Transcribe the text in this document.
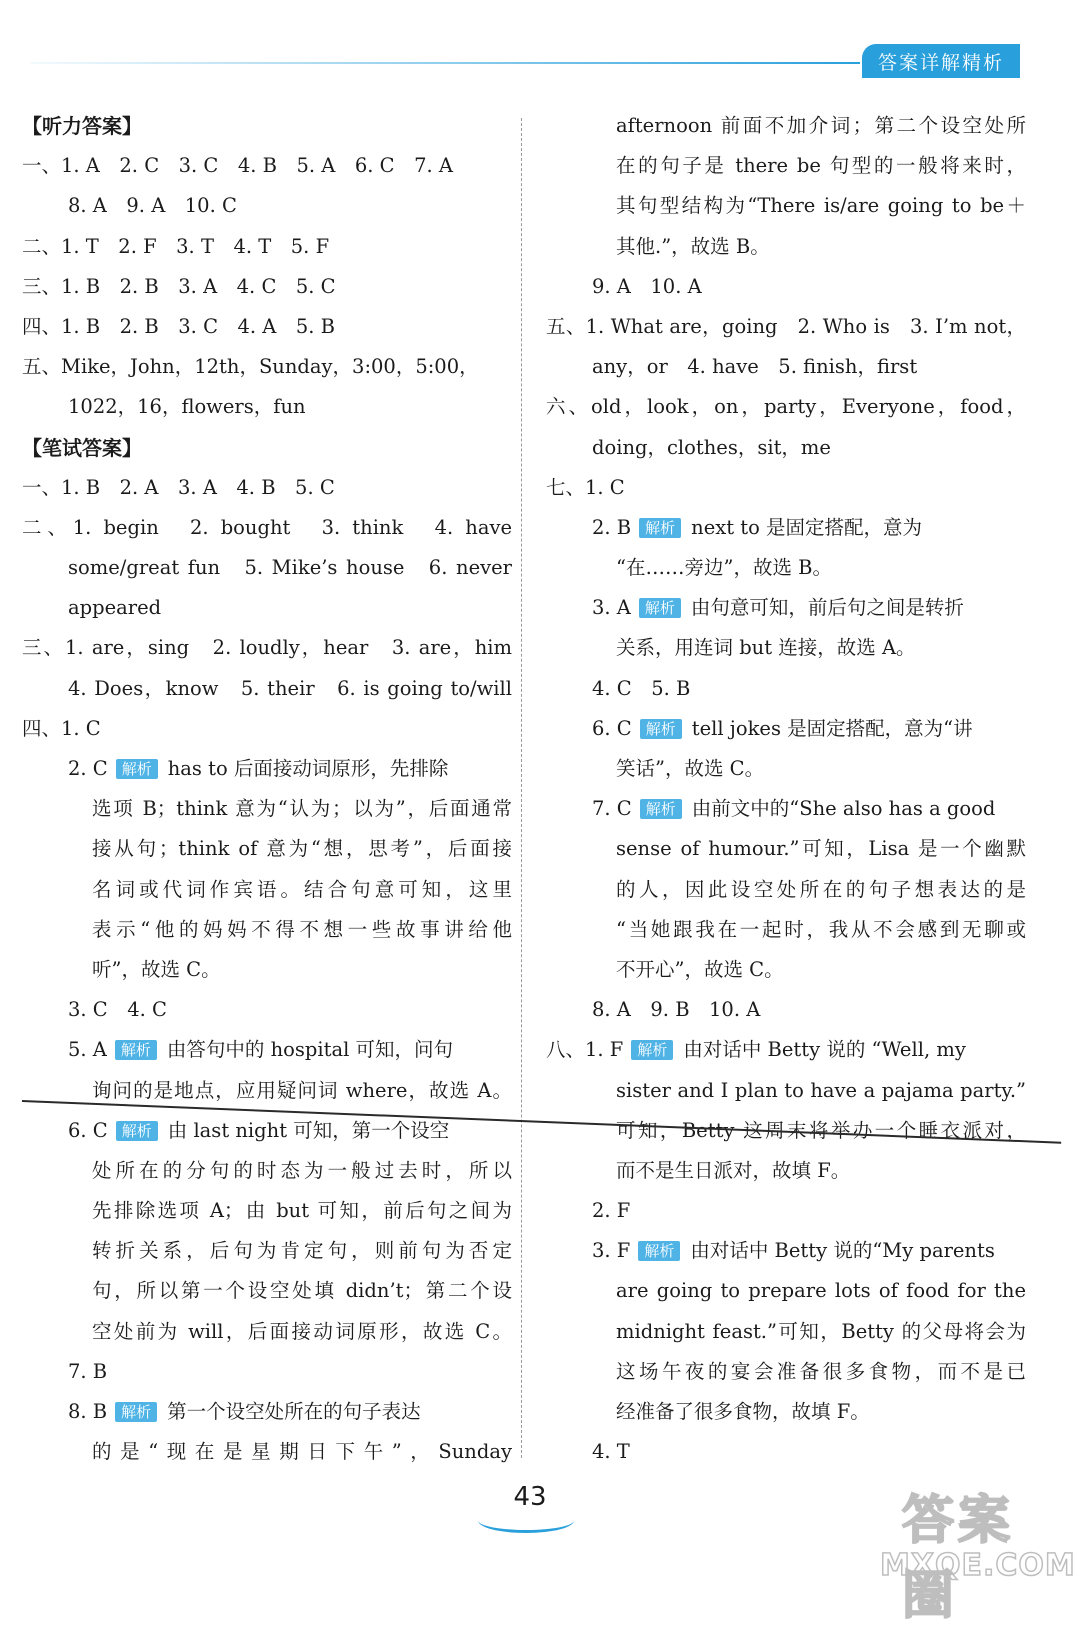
答案详解精析
【听力答案】
一、1. A　2. C　3. C　4. B　5. A　6. C　7. A
8. A　9. A　10. C
二、1. T　2. F　3. T　4. T　5. F
三、1. B　2. B　3. A　4. C　5. C
四、1. B　2. B　3. C　4. A　5. B
五、Mike，John，12th，Sunday，3:00，5:00，
1022，16，flowers，fun
【笔试答案】
一、1. B　2. A　3. A　4. B　5. C
二、1. begin　2. bought　3. think　4. have
some/great fun　5. Mike’s house　6. never
appeared
三、1. are，sing　2. loudly，hear　3. are，him
4. Does，know　5. their　6. is going to/will
四、1. C
2. C 解析 has to 后面接动词原形，先排除
选项 B；think 意为“认为；以为”，后面通常
接从句；think of 意为“想，思考”，后面接
名词或代词作宾语。结合句意可知，这里
表示“他的妈妈不得不想一些故事讲给他
听”，故选 C。
3. C　4. C
5. A 解析 由答句中的 hospital 可知，问句
询问的是地点，应用疑问词 where，故选 A。
6. C 解析 由 last night 可知，第一个设空
处所在的分句的时态为一般过去时，所以
先排除选项 A；由 but 可知，前后句之间为
转折关系，后句为肯定句，则前句为否定
句，所以第一个设空处填 didn’t；第二个设
空处前为 will，后面接动词原形，故选 C。
7. B
8. B 解析 第一个设空处所在的句子表达
的是“现在是星期日下午”，Sunday
afternoon 前面不加介词；第二个设空处所
在的句子是 there be 句型的一般将来时，
其句型结构为“There is/are going to be＋
其他.”，故选 B。
9. A　10. A
五、1. What are，going　2. Who is　3. I’m not，
any，or　4. have　5. finish，first
六、old，look，on，party，Everyone，food，
doing，clothes，sit，me
七、1. C
2. B 解析 next to 是固定搭配，意为
“在……旁边”，故选 B。
3. A 解析 由句意可知，前后句之间是转折
关系，用连词 but 连接，故选 A。
4. C　5. B
6. C 解析 tell jokes 是固定搭配，意为“讲
笑话”，故选 C。
7. C 解析 由前文中的“She also has a good
sense of humour.”可知，Lisa 是一个幽默
的人，因此设空处所在的句子想表达的是
“当她跟我在一起时，我从不会感到无聊或
不开心”，故选 C。
8. A　9. B　10. A
八、1. F 解析 由对话中 Betty 说的 “Well, my
sister and I plan to have a pajama party.”
可知，Betty 这周末将举办一个睡衣派对，
而不是生日派对，故填 F。
2. F
3. F 解析 由对话中 Betty 说的“My parents
are going to prepare lots of food for the
midnight feast.”可知，Betty 的父母将会为
这场午夜的宴会准备很多食物，而不是已
经准备了很多食物，故填 F。
4. T
43	答案圈
MXQE.COM
